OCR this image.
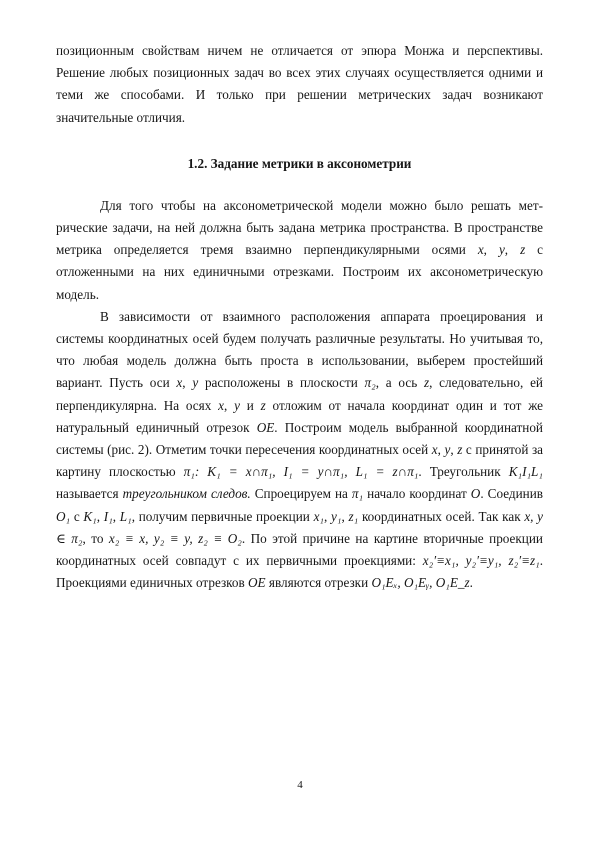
позиционным свойствам ничем не отличается от эпюра Монжа и перспективы. Решение любых позиционных задач во всех этих случаях осуществляется одними и теми же способами. И только при решении метрических задач возникают значительные отличия.

1.2. Задание метрики в аксонометрии

Для того чтобы на аксонометрической модели можно было решать метрические задачи, на ней должна быть задана метрика пространства. В пространстве метрика определяется тремя взаимно перпендикулярными осями x, y, z с отложенными на них единичными отрезками. Построим их аксонометрическую модель.

В зависимости от взаимного расположения аппарата проецирования и системы координатных осей будем получать различные результаты. Но учитывая то, что любая модель должна быть проста в использовании, выберем простейший вариант. Пусть оси x, y расположены в плоскости π₂, а ось z, следовательно, ей перпендикулярна. На осях x, y и z отложим от начала координат один и тот же натуральный единичный отрезок OE. Построим модель выбранной координатной системы (рис. 2). Отметим точки пересечения координатных осей x, y, z с принятой за картину плоскостью π₁: K₁ = x∩π₁, I₁ = y∩π₁, L₁ = z∩π₁. Треугольник K₁I₁L₁ называется треугольником следов. Спроецируем на π₁ начало координат O. Соединив O₁ с K₁, I₁, L₁, получим первичные проекции x₁, y₁, z₁ координатных осей. Так как x, y ∈ π₂, то x₂ ≡ x, y₂ ≡ y, z₂ ≡ O₂. По этой причине на картине вторичные проекции координатных осей совпадут с их первичными проекциями: x₂′≡x₁, y₂′≡y₁, z₂′≡z₁. Проекциями единичных отрезков OE являются отрезки O₁Eₓ, O₁Eᵧ, O₁E_z.

4
